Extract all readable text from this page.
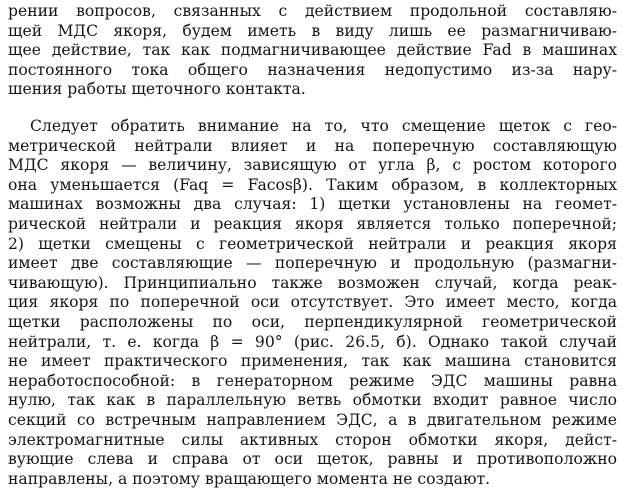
рении вопросов, связанных с действием продольной составляю-
щей МДС якоря, будем иметь в виду лишь ее размагничиваю-
щее действие, так как подмагничивающее действие Fad в машинах
постоянного тока общего назначения недопустимо из-за нару-
шения работы щеточного контакта.
Следует обратить внимание на то, что смещение щеток с гео-
метрической нейтрали влияет и на поперечную составляющую
МДС якоря — величину, зависящую от угла β, с ростом которого
она уменьшается (Faq = Facosβ). Таким образом, в коллекторных
машинах возможны два случая: 1) щетки установлены на геомет-
рической нейтрали и реакция якоря является только поперечной;
2) щетки смещены с геометрической нейтрали и реакция якоря
имеет две составляющие — поперечную и продольную (размагни-
чивающую). Принципиально также возможен случай, когда реак-
ция якоря по поперечной оси отсутствует. Это имеет место, когда
щетки расположены по оси, перпендикулярной геометрической
нейтрали, т. е. когда β = 90° (рис. 26.5, б). Однако такой случай
не имеет практического применения, так как машина становится
неработоспособной: в генераторном режиме ЭДС машины равна
нулю, так как в параллельную ветвь обмотки входит равное число
секций со встречным направлением ЭДС, а в двигательном режиме
электромагнитные силы активных сторон обмотки якоря, дейст-
вующие слева и справа от оси щеток, равны и противоположно
направлены, а поэтому вращающего момента не создают.
